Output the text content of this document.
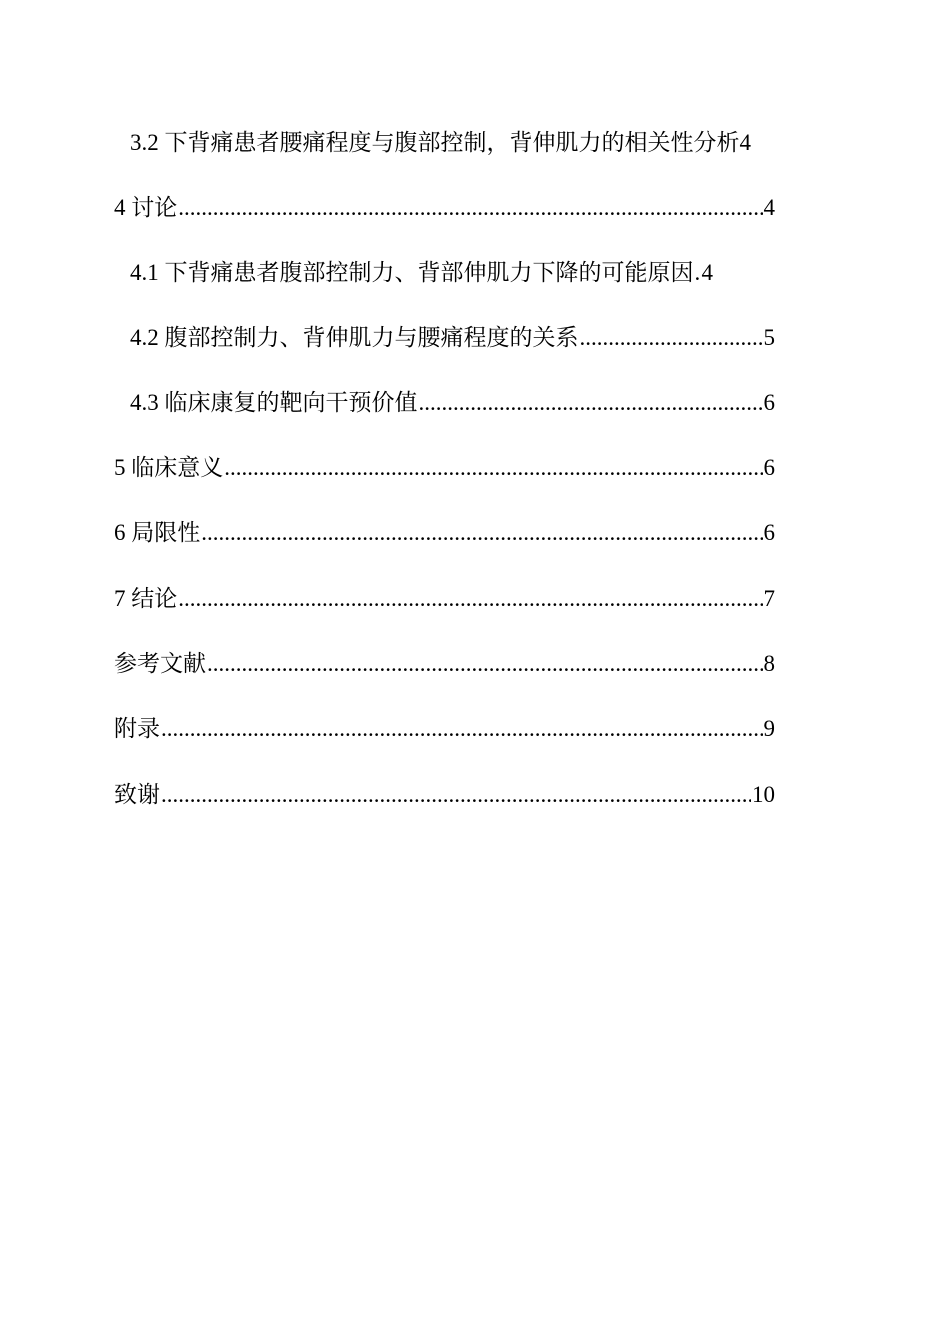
3.2 下背痛患者腰痛程度与腹部控制，背伸肌力的相关性分析 4
4 讨论 .....	4
4.1 下背痛患者腹部控制力、背部伸肌力下降的可能原因 ..... 4
4.2 腹部控制力、背伸肌力与腰痛程度的关系 .....	5
4.3 临床康复的靶向干预价值 .....	6
5 临床意义 .....	6
6 局限性 .....	6
7 结论 .....	7
参考文献 .....	8
附录 .....	9
致谢 .....	10
